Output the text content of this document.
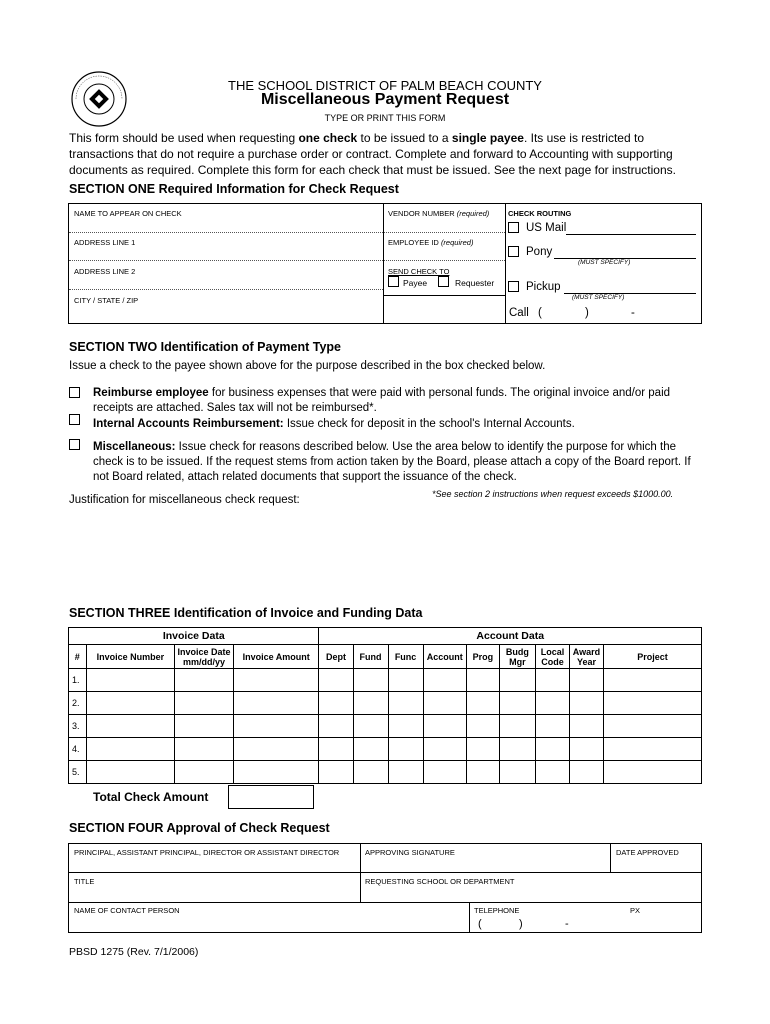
THE SCHOOL DISTRICT OF PALM BEACH COUNTY
Miscellaneous Payment Request
TYPE OR PRINT THIS FORM
This form should be used when requesting one check to be issued to a single payee. Its use is restricted to transactions that do not require a purchase order or contract. Complete and forward to Accounting with supporting documents as required. Complete this form for each check that must be issued. See the next page for instructions.
SECTION ONE Required Information for Check Request
NAME TO APPEAR ON CHECK
ADDRESS LINE 1
ADDRESS LINE 2
CITY / STATE / ZIP
VENDOR NUMBER (required)
EMPLOYEE ID (required)
SEND CHECK TO
Payee	Requester
CHECK ROUTING
US Mail
Pony
(MUST SPECIFY)
Pickup
(MUST SPECIFY)
Call (	)	-
SECTION TWO Identification of Payment Type
Issue a check to the payee shown above for the purpose described in the box checked below.
Reimburse employee for business expenses that were paid with personal funds. The original invoice and/or paid receipts are attached. Sales tax will not be reimbursed*.
Internal Accounts Reimbursement: Issue check for deposit in the school's Internal Accounts.
Miscellaneous: Issue check for reasons described below. Use the area below to identify the purpose for which the check is to be issued. If the request stems from action taken by the Board, please attach a copy of the Board report. If not Board related, attach related documents that support the issuance of the check.
*See section 2 instructions when request exceeds $1000.00.
Justification for miscellaneous check request:
SECTION THREE Identification of Invoice and Funding Data
Invoice Data				Account Data								
#	Invoice Number	Invoice Date mm/dd/yy	Invoice Amount	Dept	Fund	Func	Account	Prog	Budg Mgr	Local Code	Award Year	Project
1.												
2.												
3.												
4.												
5.												
Total Check Amount
SECTION FOUR Approval of Check Request
PRINCIPAL, ASSISTANT PRINCIPAL, DIRECTOR OR ASSISTANT DIRECTOR	APPROVING SIGNATURE	DATE APPROVED
TITLE	REQUESTING SCHOOL OR DEPARTMENT
NAME OF CONTACT PERSON	TELEPHONE	PX
(	)	-
PBSD 1275 (Rev. 7/1/2006)
